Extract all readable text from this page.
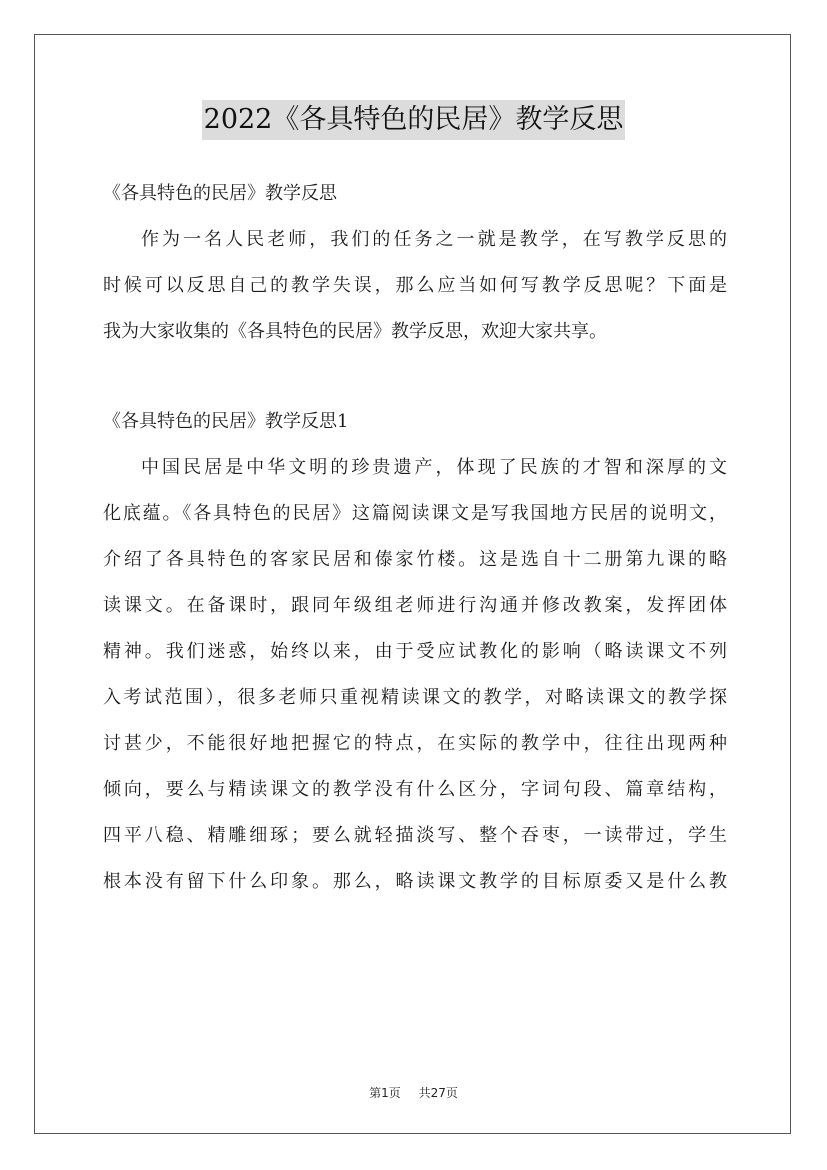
2022《各具特色的民居》教学反思
《各具特色的民居》教学反思
作为一名人民老师，我们的任务之一就是教学，在写教学反思的
时候可以反思自己的教学失误，那么应当如何写教学反思呢？下面是
我为大家收集的《各具特色的民居》教学反思，欢迎大家共享。
《各具特色的民居》教学反思1
中国民居是中华文明的珍贵遗产，体现了民族的才智和深厚的文
化底蕴。《各具特色的民居》这篇阅读课文是写我国地方民居的说明文，
介绍了各具特色的客家民居和傣家竹楼。这是选自十二册第九课的略
读课文。在备课时，跟同年级组老师进行沟通并修改教案，发挥团体
精神。我们迷惑，始终以来，由于受应试教化的影响（略读课文不列
入考试范围），很多老师只重视精读课文的教学，对略读课文的教学探
讨甚少，不能很好地把握它的特点，在实际的教学中，往往出现两种
倾向，要么与精读课文的教学没有什么区分，字词句段、篇章结构，
四平八稳、精雕细琢；要么就轻描淡写、整个吞枣，一读带过，学生
根本没有留下什么印象。那么，略读课文教学的目标原委又是什么教
第1页 共27页
